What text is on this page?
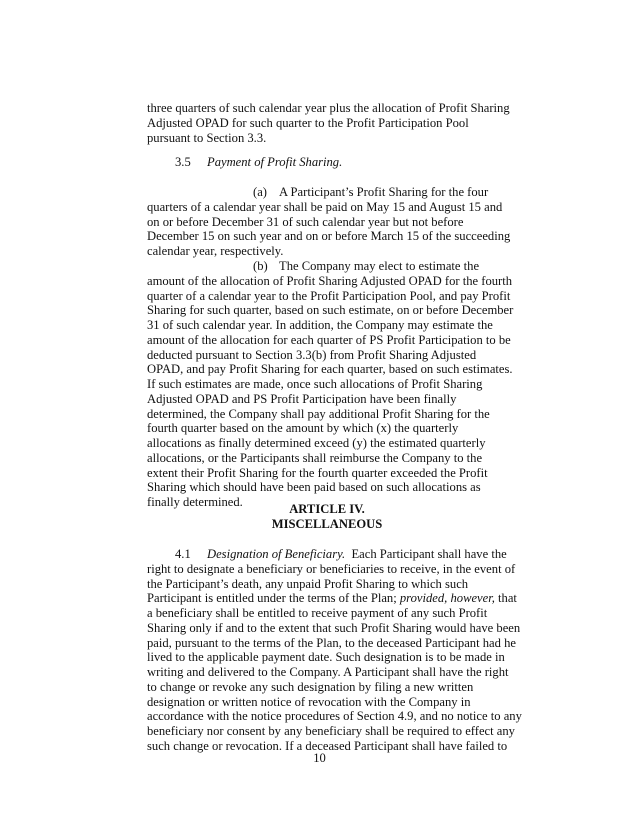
three quarters of such calendar year plus the allocation of Profit Sharing
Adjusted OPAD for such quarter to the Profit Participation Pool
pursuant to Section 3.3.
3.5 Payment of Profit Sharing.
(a) A Participant’s Profit Sharing for the four
quarters of a calendar year shall be paid on May 15 and August 15 and
on or before December 31 of such calendar year but not before
December 15 on such year and on or before March 15 of the succeeding
calendar year, respectively.
(b) The Company may elect to estimate the
amount of the allocation of Profit Sharing Adjusted OPAD for the fourth
quarter of a calendar year to the Profit Participation Pool, and pay Profit
Sharing for such quarter, based on such estimate, on or before December
31 of such calendar year. In addition, the Company may estimate the
amount of the allocation for each quarter of PS Profit Participation to be
deducted pursuant to Section 3.3(b) from Profit Sharing Adjusted
OPAD, and pay Profit Sharing for each quarter, based on such estimates.
If such estimates are made, once such allocations of Profit Sharing
Adjusted OPAD and PS Profit Participation have been finally
determined, the Company shall pay additional Profit Sharing for the
fourth quarter based on the amount by which (x) the quarterly
allocations as finally determined exceed (y) the estimated quarterly
allocations, or the Participants shall reimburse the Company to the
extent their Profit Sharing for the fourth quarter exceeded the Profit
Sharing which should have been paid based on such allocations as
finally determined.	ARTICLE IV.
MISCELLANEOUS
4.1 Designation of Beneficiary. Each Participant shall have the
right to designate a beneficiary or beneficiaries to receive, in the event of
the Participant’s death, any unpaid Profit Sharing to which such
Participant is entitled under the terms of the Plan; provided, however, that
a beneficiary shall be entitled to receive payment of any such Profit
Sharing only if and to the extent that such Profit Sharing would have been
paid, pursuant to the terms of the Plan, to the deceased Participant had he
lived to the applicable payment date. Such designation is to be made in
writing and delivered to the Company. A Participant shall have the right
to change or revoke any such designation by filing a new written
designation or written notice of revocation with the Company in
accordance with the notice procedures of Section 4.9, and no notice to any
beneficiary nor consent by any beneficiary shall be required to effect any
such change or revocation. If a deceased Participant shall have failed to
10
